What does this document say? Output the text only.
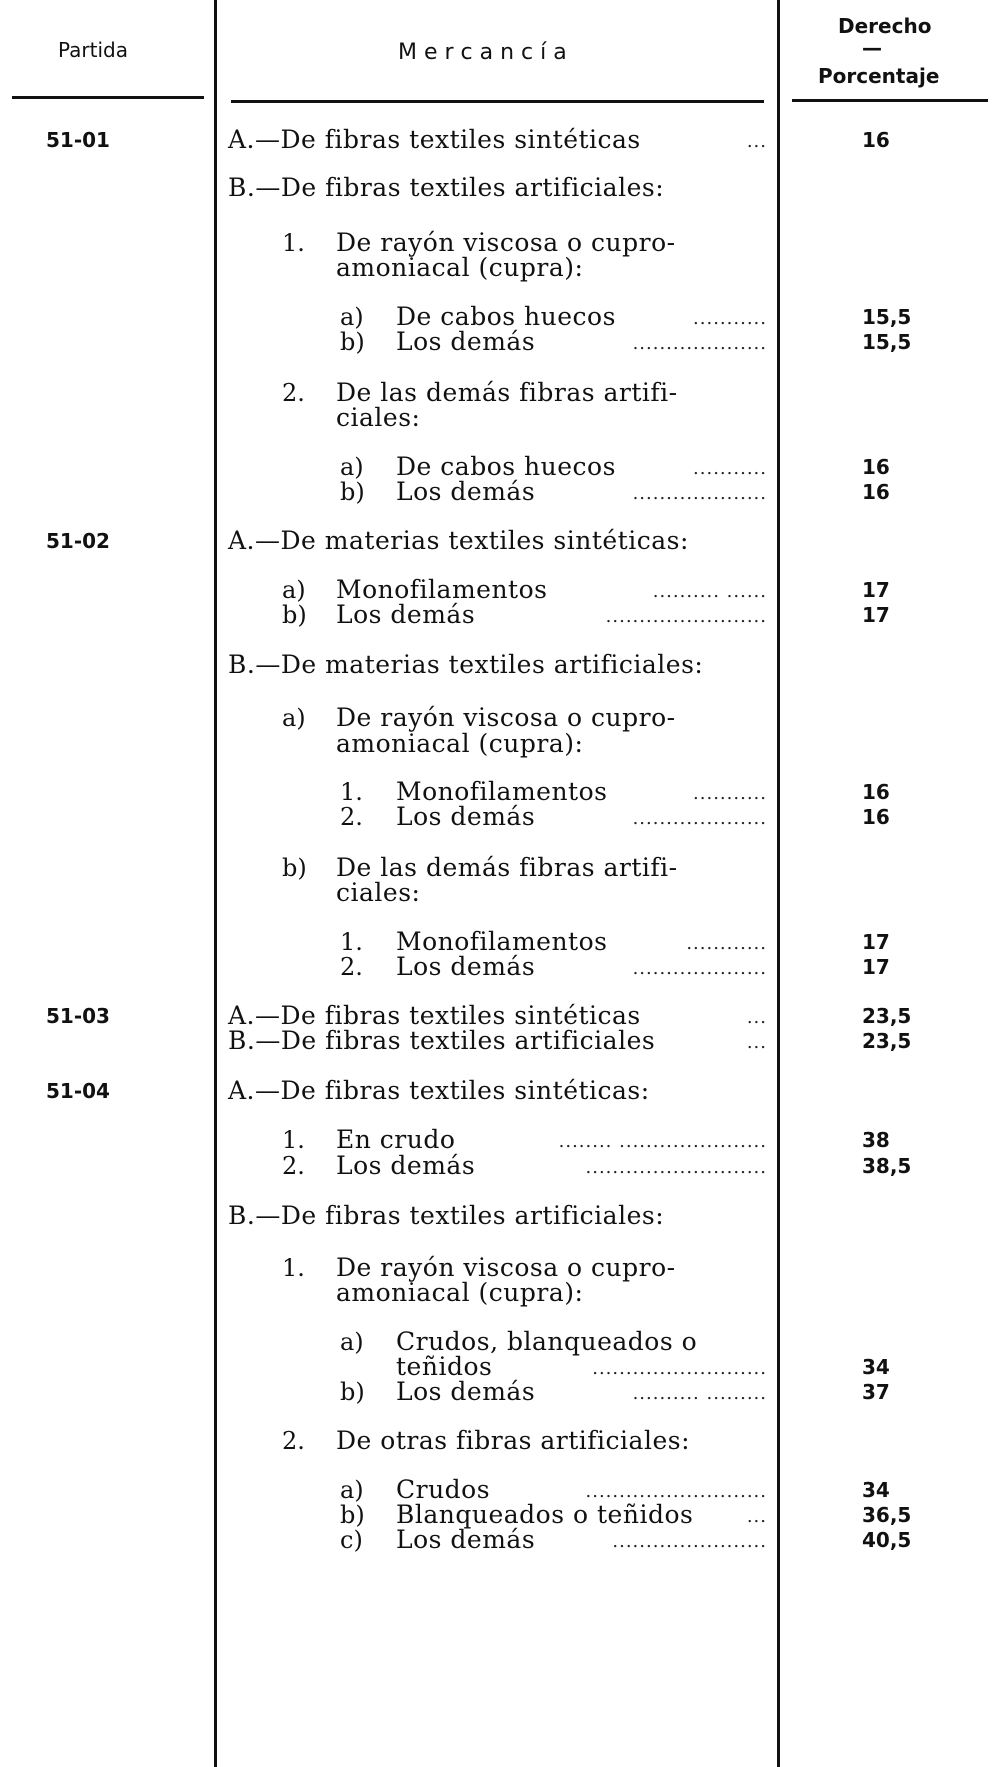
Partida	M e r c a n c í a
Derecho
—
Porcentaje
51-01	A.—De fibras textiles sintéticas	16
...
B.—De fibras textiles artificiales:
1. De rayón viscosa o cupro-
amoniacal (cupra):
a) De cabos huecos	15,5
...........
b) Los demás	15,5
....................
2. De las demás fibras artifi-
ciales:
a) De cabos huecos	16
...........
b) Los demás	16
....................
51-02	A.—De materias textiles sintéticas:
a) Monofilamentos	17
.......... ......
b) Los demás	17
........................
B.—De materias textiles artificiales:
a) De rayón viscosa o cupro-
amoniacal (cupra):
1. Monofilamentos	16
...........
2. Los demás	16
....................
b) De las demás fibras artifi-
ciales:
1. Monofilamentos	17
............
2. Los demás	17
....................
51-03	A.—De fibras textiles sintéticas	23,5
...
B.—De fibras textiles artificiales	23,5
...
51-04	A.—De fibras textiles sintéticas:
1. En crudo	38
........ ......................
2. Los demás	38,5
...........................
B.—De fibras textiles artificiales:
1. De rayón viscosa o cupro-
amoniacal (cupra):
a) Crudos, blanqueados o
teñidos	34
..........................
b) Los demás	37
.......... .........
2. De otras fibras artificiales:
a) Crudos	34
...........................
b) Blanqueados o teñidos	36,5
...
c) Los demás	40,5
.......................
